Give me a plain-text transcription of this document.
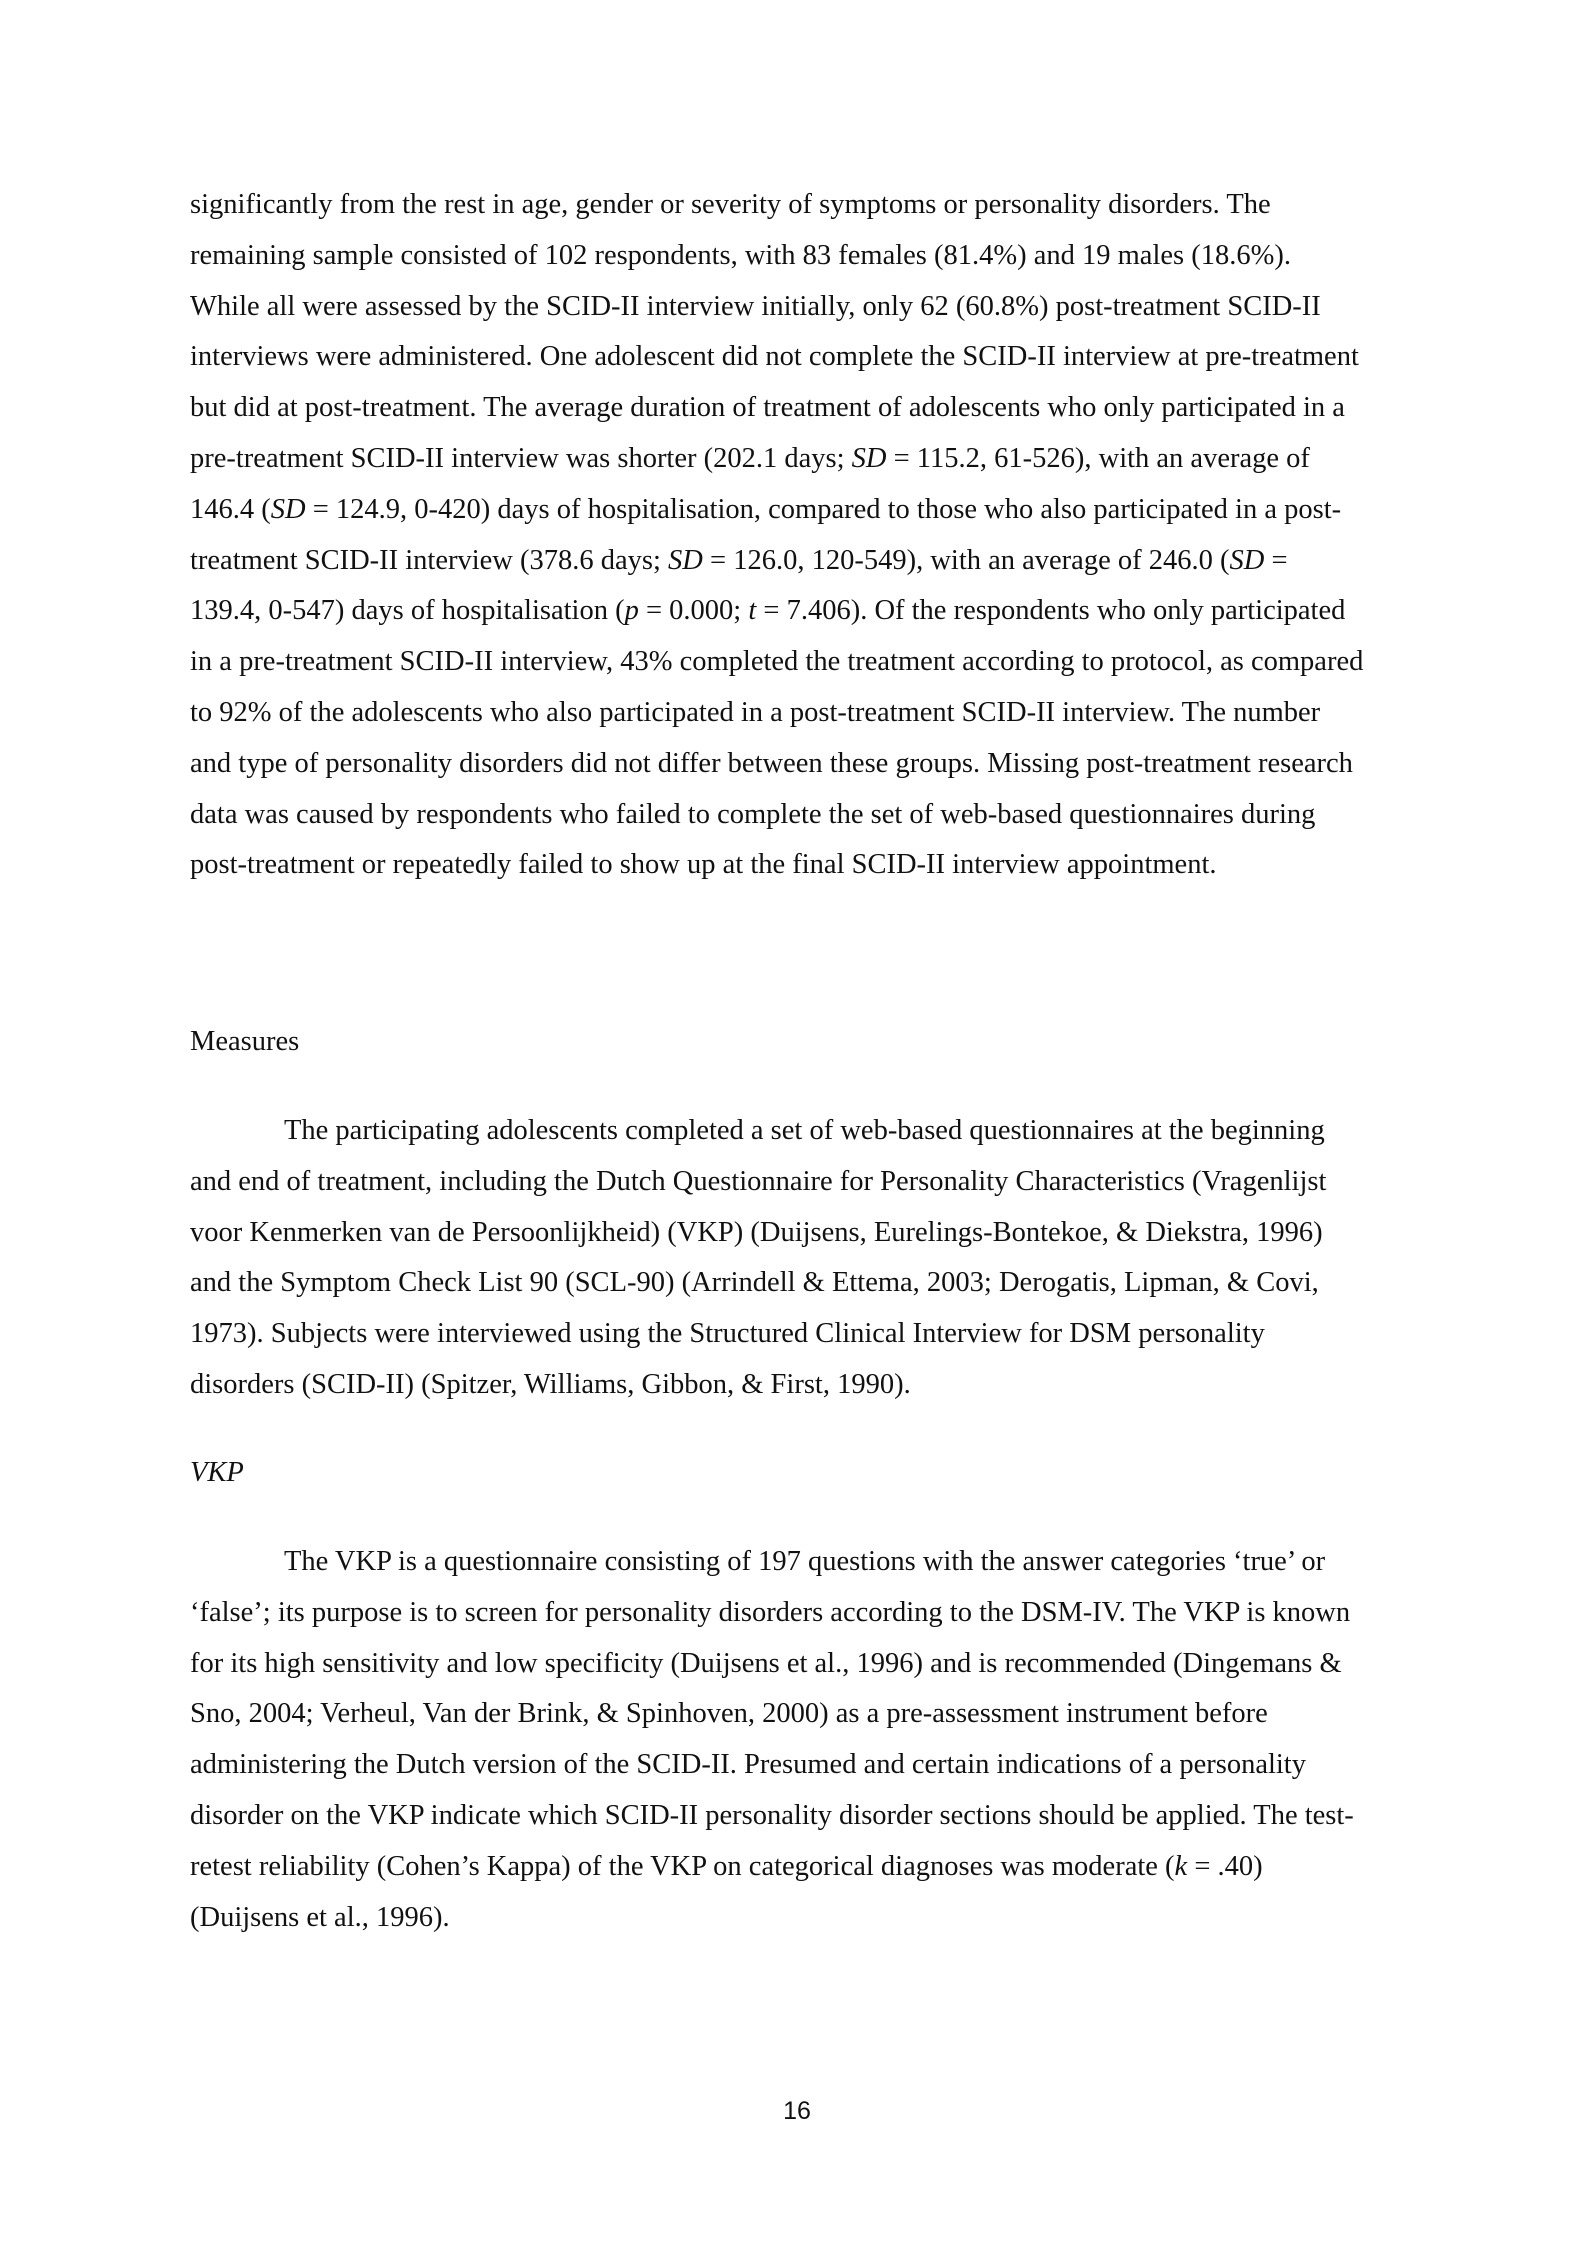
significantly from the rest in age, gender or severity of symptoms or personality disorders. The
remaining sample consisted of 102 respondents, with 83 females (81.4%) and 19 males (18.6%).
While all were assessed by the SCID-II interview initially, only 62 (60.8%) post-treatment SCID-II
interviews were administered. One adolescent did not complete the SCID-II interview at pre-treatment
but did at post-treatment. The average duration of treatment of adolescents who only participated in a
pre-treatment SCID-II interview was shorter (202.1 days; SD = 115.2, 61-526), with an average of
146.4 (SD = 124.9, 0-420) days of hospitalisation, compared to those who also participated in a post-
treatment SCID-II interview (378.6 days; SD = 126.0, 120-549), with an average of 246.0 (SD =
139.4, 0-547) days of hospitalisation (p = 0.000; t = 7.406). Of the respondents who only participated
in a pre-treatment SCID-II interview, 43% completed the treatment according to protocol, as compared
to 92% of the adolescents who also participated in a post-treatment SCID-II interview. The number
and type of personality disorders did not differ between these groups. Missing post-treatment research
data was caused by respondents who failed to complete the set of web-based questionnaires during
post-treatment or repeatedly failed to show up at the final SCID-II interview appointment.
Measures
The participating adolescents completed a set of web-based questionnaires at the beginning
and end of treatment, including the Dutch Questionnaire for Personality Characteristics (Vragenlijst
voor Kenmerken van de Persoonlijkheid) (VKP) (Duijsens, Eurelings-Bontekoe, & Diekstra, 1996)
and the Symptom Check List 90 (SCL-90) (Arrindell & Ettema, 2003; Derogatis, Lipman, & Covi,
1973). Subjects were interviewed using the Structured Clinical Interview for DSM personality
disorders (SCID-II) (Spitzer, Williams, Gibbon, & First, 1990).
VKP
The VKP is a questionnaire consisting of 197 questions with the answer categories ‘true’ or
‘false’; its purpose is to screen for personality disorders according to the DSM-IV. The VKP is known
for its high sensitivity and low specificity (Duijsens et al., 1996) and is recommended (Dingemans &
Sno, 2004; Verheul, Van der Brink, & Spinhoven, 2000) as a pre-assessment instrument before
administering the Dutch version of the SCID-II. Presumed and certain indications of a personality
disorder on the VKP indicate which SCID-II personality disorder sections should be applied. The test-
retest reliability (Cohen’s Kappa) of the VKP on categorical diagnoses was moderate (k = .40)
(Duijsens et al., 1996).
16
